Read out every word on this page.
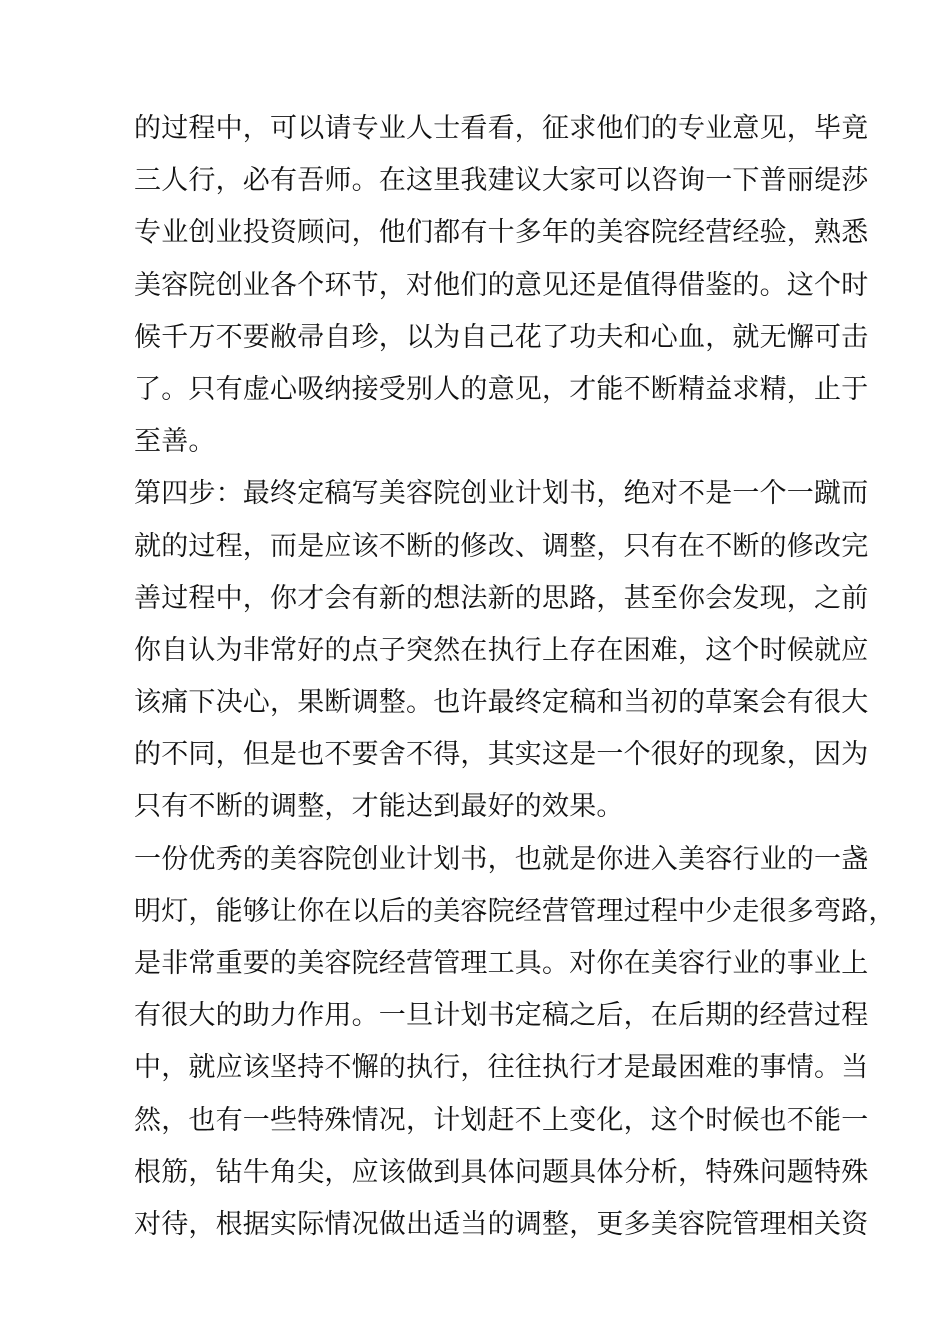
的过程中，可以请专业人士看看，征求他们的专业意见，毕竟
三人行，必有吾师。在这里我建议大家可以咨询一下普丽缇莎
专业创业投资顾问，他们都有十多年的美容院经营经验，熟悉
美容院创业各个环节，对他们的意见还是值得借鉴的。这个时
候千万不要敝帚自珍，以为自己花了功夫和心血，就无懈可击
了。只有虚心吸纳接受别人的意见，才能不断精益求精，止于
至善。
第四步：最终定稿写美容院创业计划书，绝对不是一个一蹴而
就的过程，而是应该不断的修改、调整，只有在不断的修改完
善过程中，你才会有新的想法新的思路，甚至你会发现，之前
你自认为非常好的点子突然在执行上存在困难，这个时候就应
该痛下决心，果断调整。也许最终定稿和当初的草案会有很大
的不同，但是也不要舍不得，其实这是一个很好的现象，因为
只有不断的调整，才能达到最好的效果。
一份优秀的美容院创业计划书，也就是你进入美容行业的一盏
明灯，能够让你在以后的美容院经营管理过程中少走很多弯路，
是非常重要的美容院经营管理工具。对你在美容行业的事业上
有很大的助力作用。一旦计划书定稿之后，在后期的经营过程
中，就应该坚持不懈的执行，往往执行才是最困难的事情。当
然，也有一些特殊情况，计划赶不上变化，这个时候也不能一
根筋，钻牛角尖，应该做到具体问题具体分析，特殊问题特殊
对待，根据实际情况做出适当的调整，更多美容院管理相关资
